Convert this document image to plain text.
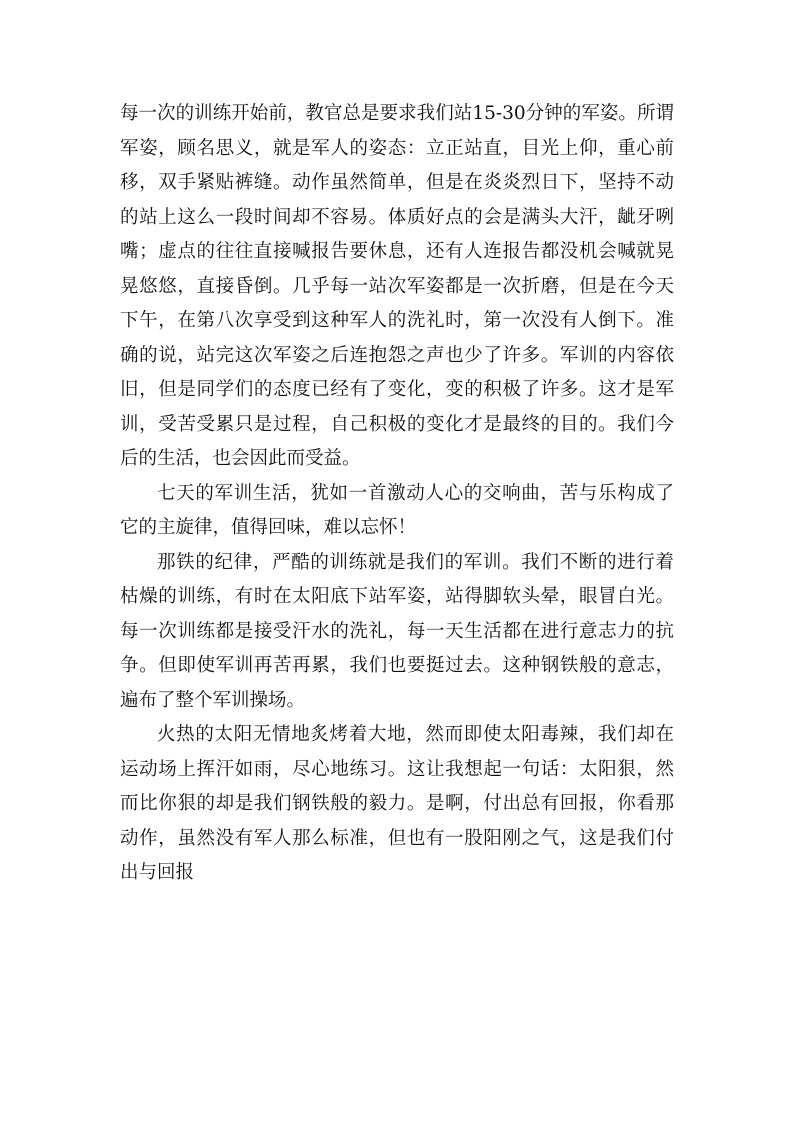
每一次的训练开始前，教官总是要求我们站15-30分钟的军姿。所谓军姿，顾名思义，就是军人的姿态：立正站直，目光上仰，重心前移，双手紧贴裤缝。动作虽然简单，但是在炎炎烈日下，坚持不动的站上这么一段时间却不容易。体质好点的会是满头大汗，龇牙咧嘴；虚点的往往直接喊报告要休息，还有人连报告都没机会喊就晃晃悠悠，直接昏倒。几乎每一站次军姿都是一次折磨，但是在今天下午，在第八次享受到这种军人的洗礼时，第一次没有人倒下。准确的说，站完这次军姿之后连抱怨之声也少了许多。军训的内容依旧，但是同学们的态度已经有了变化，变的积极了许多。这才是军训，受苦受累只是过程，自己积极的变化才是最终的目的。我们今后的生活，也会因此而受益。

七天的军训生活，犹如一首激动人心的交响曲，苦与乐构成了它的主旋律，值得回味，难以忘怀！

那铁的纪律，严酷的训练就是我们的军训。我们不断的进行着枯燥的训练，有时在太阳底下站军姿，站得脚软头晕，眼冒白光。每一次训练都是接受汗水的洗礼，每一天生活都在进行意志力的抗争。但即使军训再苦再累，我们也要挺过去。这种钢铁般的意志，遍布了整个军训操场。

火热的太阳无情地炙烤着大地，然而即使太阳毒辣，我们却在运动场上挥汗如雨，尽心地练习。这让我想起一句话：太阳狠，然而比你狠的却是我们钢铁般的毅力。是啊，付出总有回报，你看那动作，虽然没有军人那么标准，但也有一股阳刚之气，这是我们付出与回报
